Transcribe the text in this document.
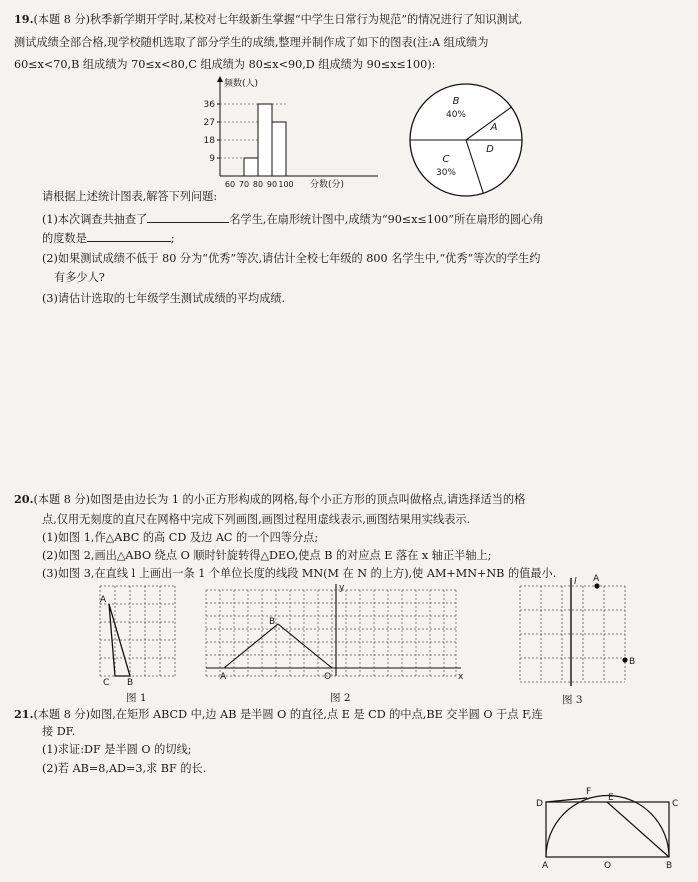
19.(本题 8 分)秋季新学期开学时,某校对七年级新生掌握“中学生日常行为规范”的情况进行了知识测试,
测试成绩全部合格,现学校随机选取了部分学生的成绩,整理并制作成了如下的图表(注:A 组成绩为
60≤x<70,B 组成绩为 70≤x<80,C 组成绩为 80≤x<90,D 组成绩为 90≤x≤100):
频数(人)
9
18
27
36
60 70 80 90 100 分数(分)
A
B
40%
C
30%
D
请根据上述统计图表,解答下列问题:
(1)本次调查共抽查了	名学生,在扇形统计图中,成绩为“90≤x≤100”所在扇形的圆心角
的度数是	;
(2)如果测试成绩不低于 80 分为“优秀”等次,请估计全校七年级的 800 名学生中,“优秀”等次的学生约
有多少人?
(3)请估计选取的七年级学生测试成绩的平均成绩.
20.(本题 8 分)如图是由边长为 1 的小正方形构成的网格,每个小正方形的顶点叫做格点,请选择适当的格
点,仅用无刻度的直尺在网格中完成下列画图,画图过程用虚线表示,画图结果用实线表示.
(1)如图 1,作△ABC 的高 CD 及边 AC 的一个四等分点;
(2)如图 2,画出△ABO 绕点 O 顺时针旋转得△DEO,使点 B 的对应点 E 落在 x 轴正半轴上;
(3)如图 3,在直线 l 上画出一条 1 个单位长度的线段 MN(M 在 N 的上方),使 AM+MN+NB 的值最小.
A
C B
图 1
y
x
B
A	O
图 2
l A
B
图 3
21.(本题 8 分)如图,在矩形 ABCD 中,边 AB 是半圆 O 的直径,点 E 是 CD 的中点,BE 交半圆 O 于点 F,连
接 DF.
(1)求证:DF 是半圆 O 的切线;
(2)若 AB=8,AD=3,求 BF 的长.
D	C
F
E
A	O	B
